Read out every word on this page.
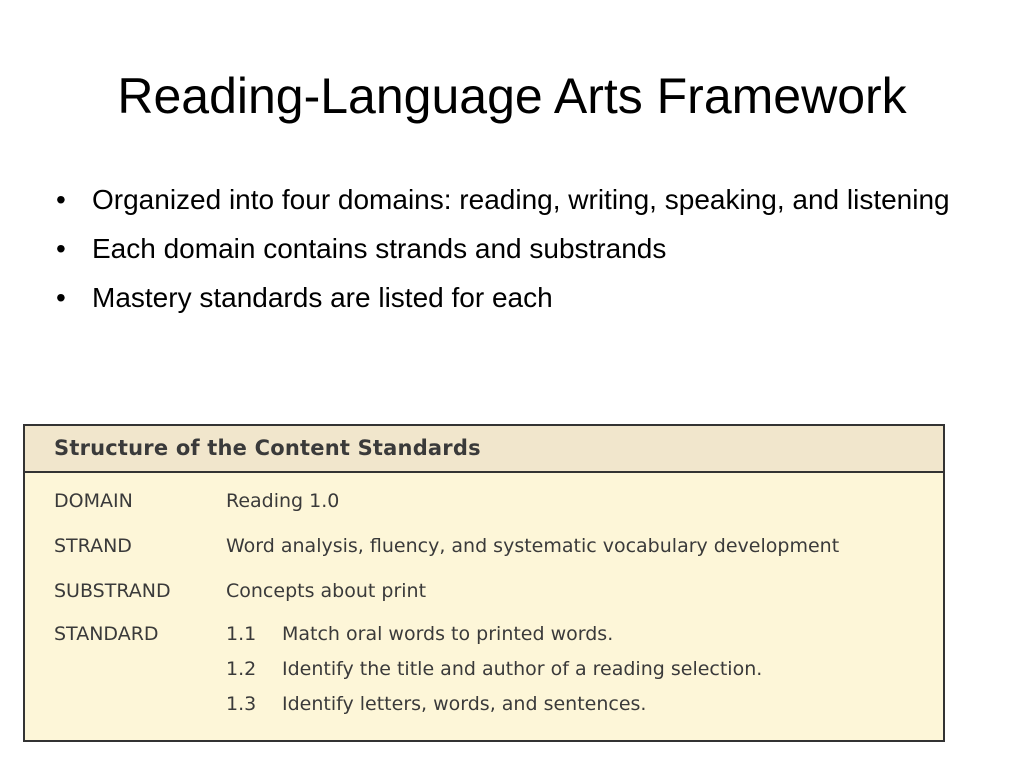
Reading-Language Arts Framework
• Organized into four domains: reading, writing, speaking, and listening
• Each domain contains strands and substrands
• Mastery standards are listed for each
Structure of the Content Standards
DOMAIN	Reading 1.0
STRAND	Word analysis, fluency, and systematic vocabulary development
SUBSTRAND	Concepts about print
STANDARD	1.1 Match oral words to printed words.
1.2 Identify the title and author of a reading selection.
1.3 Identify letters, words, and sentences.
